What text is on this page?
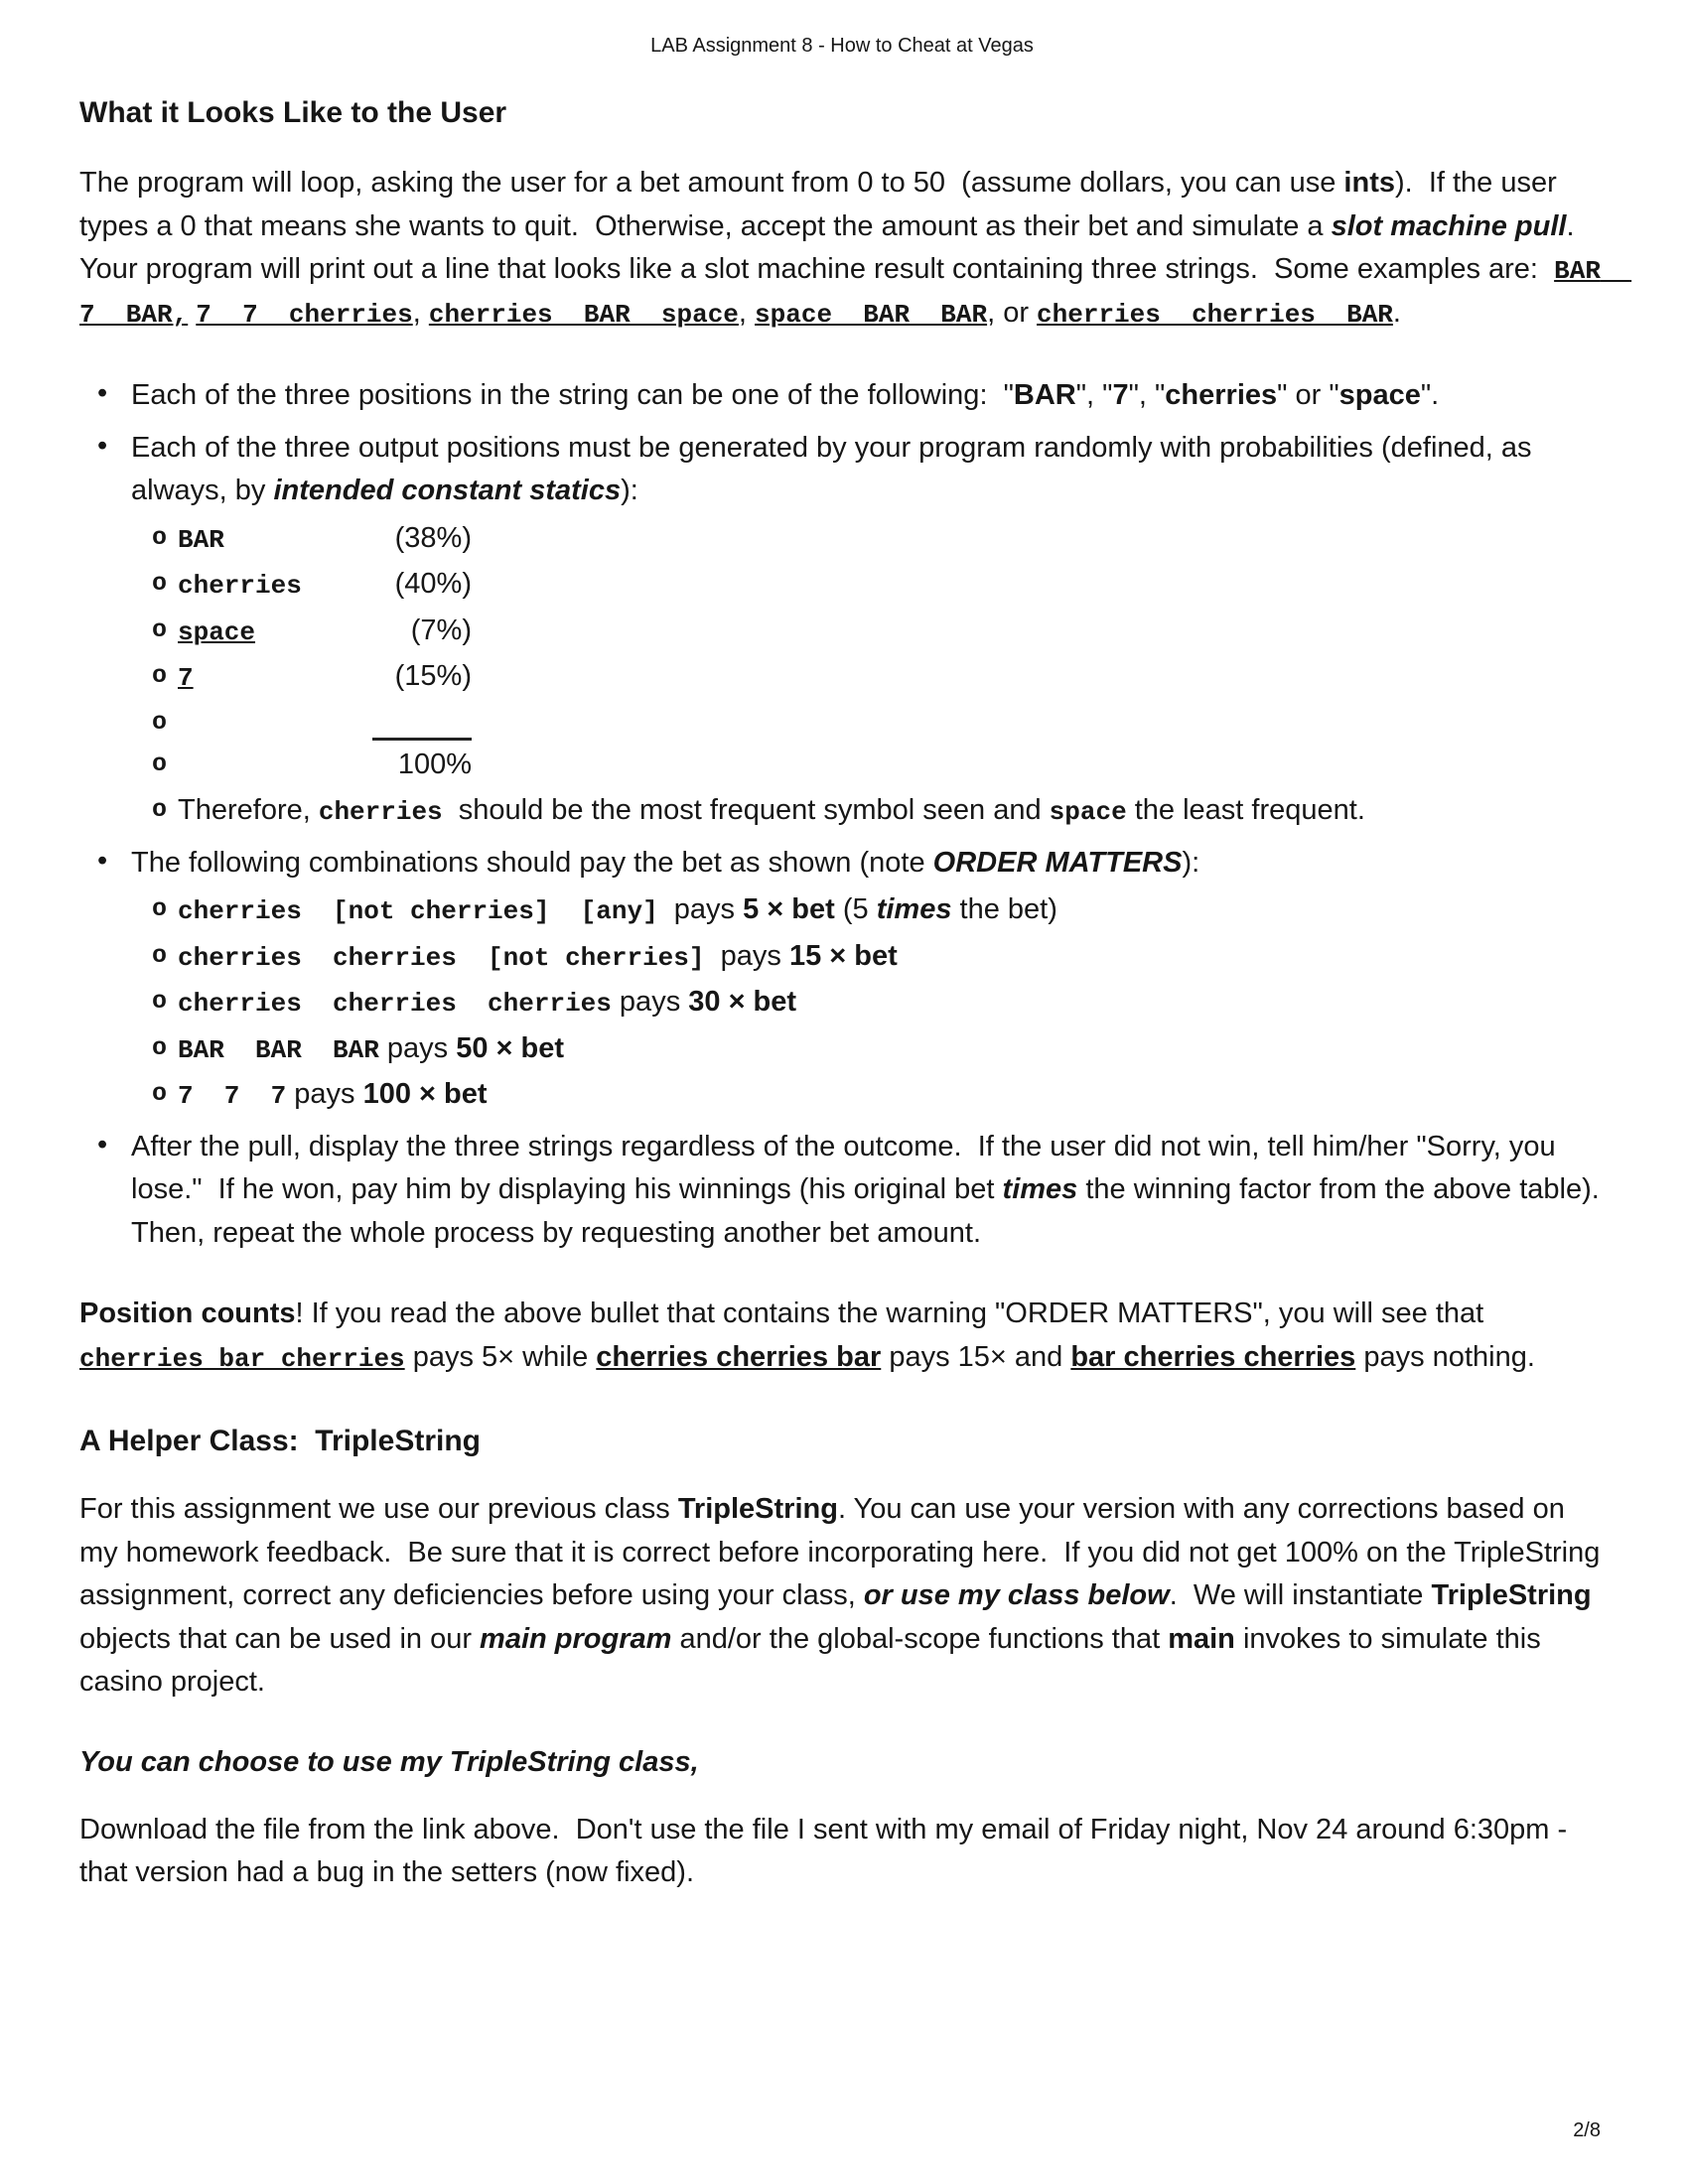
LAB Assignment 8 - How to Cheat at Vegas
What it Looks Like to the User

The program will loop, asking the user for a bet amount from 0 to 50  (assume dollars, you can use ints).  If the user types a 0 that means she wants to quit.  Otherwise, accept the amount as their bet and simulate a slot machine pull.  Your program will print out a line that looks like a slot machine result containing three strings.  Some examples are:  BAR  7  BAR, 7  7  cherries, cherries  BAR  space, space  BAR  BAR, or cherries  cherries  BAR.

• Each of the three positions in the string can be one of the following:  "BAR", "7", "cherries" or "space".
• Each of the three output positions must be generated by your program randomly with probabilities (defined, as always, by intended constant statics):
o BAR	(38%)
o cherries	(40%)
o space	(7%)
o 7	(15%)
o
o 100%
o Therefore, cherries  should be the most frequent symbol seen and space the least frequent.
• The following combinations should pay the bet as shown (note ORDER MATTERS):
o cherries  [not cherries]  [any]  pays 5 × bet (5 times the bet)
o cherries  cherries  [not cherries]  pays 15 × bet
o cherries  cherries  cherries pays 30 × bet
o BAR  BAR  BAR pays 50 × bet
o 7  7  7 pays 100 × bet
• After the pull, display the three strings regardless of the outcome.  If the user did not win, tell him/her "Sorry, you lose."  If he won, pay him by displaying his winnings (his original bet times the winning factor from the above table).  Then, repeat the whole process by requesting another bet amount.

Position counts! If you read the above bullet that contains the warning "ORDER MATTERS", you will see that cherries bar cherries pays 5× while cherries cherries bar pays 15× and bar cherries cherries pays nothing.

A Helper Class:  TripleString

For this assignment we use our previous class TripleString. You can use your version with any corrections based on my homework feedback.  Be sure that it is correct before incorporating here.  If you did not get 100% on the TripleString assignment, correct any deficiencies before using your class, or use my class below.  We will instantiate TripleString objects that can be used in our main program and/or the global-scope functions that main invokes to simulate this casino project.

You can choose to use my TripleString class,

Download the file from the link above.  Don't use the file I sent with my email of Friday night, Nov 24 around 6:30pm - that version had a bug in the setters (now fixed).

2/8
